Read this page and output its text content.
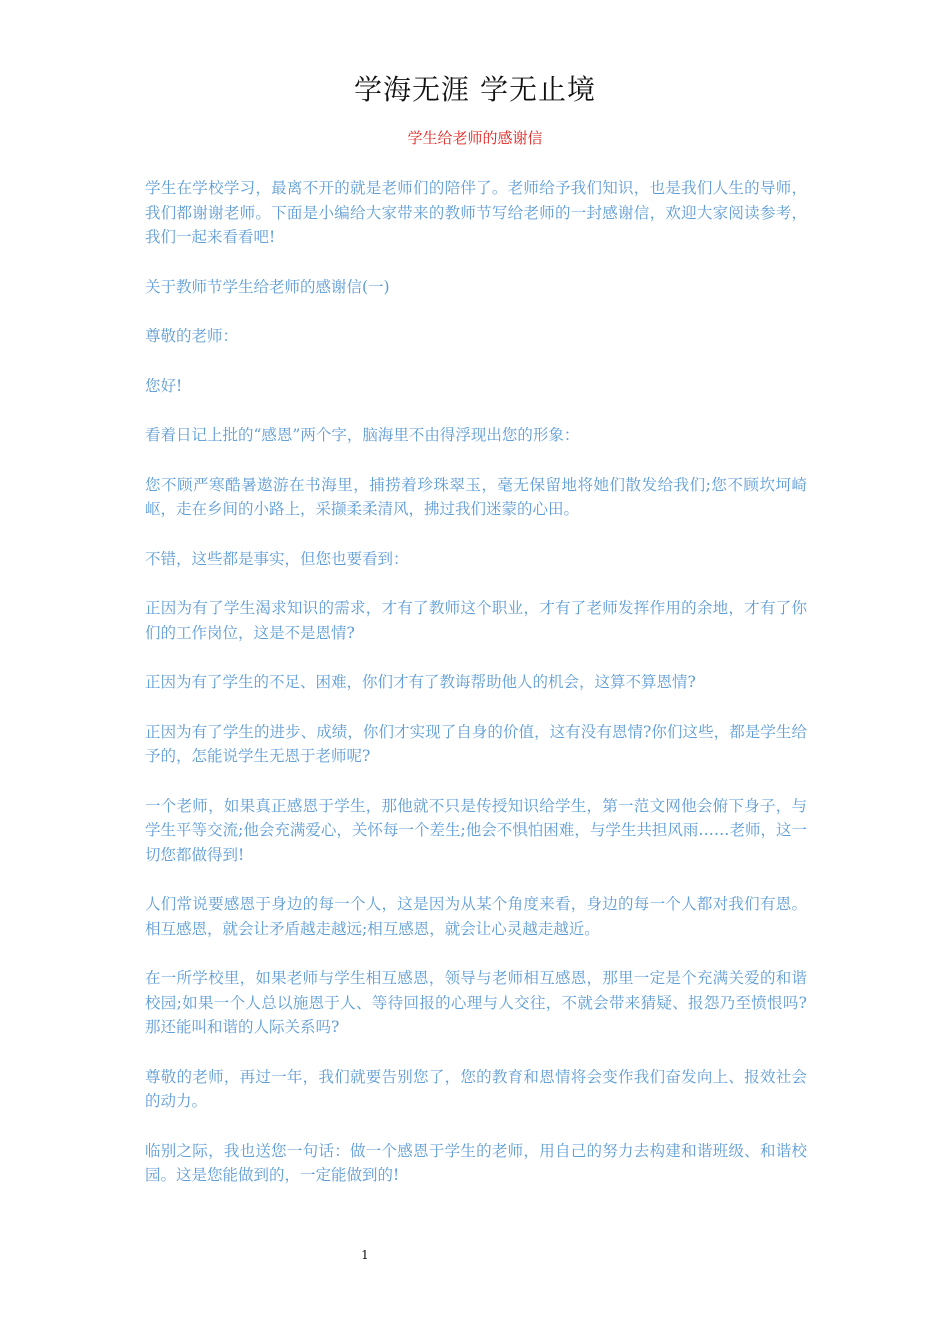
学海无涯 学无止境
学生给老师的感谢信

学生在学校学习，最离不开的就是老师们的陪伴了。老师给予我们知识，也是我们人生的导师，我们都谢谢老师。下面是小编给大家带来的教师节写给老师的一封感谢信，欢迎大家阅读参考，我们一起来看看吧!

关于教师节学生给老师的感谢信(一)

尊敬的老师：

您好!

看着日记上批的“感恩”两个字，脑海里不由得浮现出您的形象：

您不顾严寒酷暑遨游在书海里，捕捞着珍珠翠玉，毫无保留地将她们散发给我们;您不顾坎坷崎岖，走在乡间的小路上，采撷柔柔清风，拂过我们迷蒙的心田。

不错，这些都是事实，但您也要看到：

正因为有了学生渴求知识的需求，才有了教师这个职业，才有了老师发挥作用的余地，才有了你们的工作岗位，这是不是恩情?

正因为有了学生的不足、困难，你们才有了教诲帮助他人的机会，这算不算恩情?

正因为有了学生的进步、成绩，你们才实现了自身的价值，这有没有恩情?你们这些，都是学生给予的，怎能说学生无恩于老师呢?

一个老师，如果真正感恩于学生，那他就不只是传授知识给学生，第一范文网他会俯下身子，与学生平等交流;他会充满爱心，关怀每一个差生;他会不惧怕困难，与学生共担风雨……老师，这一切您都做得到!

人们常说要感恩于身边的每一个人，这是因为从某个角度来看，身边的每一个人都对我们有恩。相互感恩，就会让矛盾越走越远;相互感恩，就会让心灵越走越近。

在一所学校里，如果老师与学生相互感恩，领导与老师相互感恩，那里一定是个充满关爱的和谐校园;如果一个人总以施恩于人、等待回报的心理与人交往，不就会带来猜疑、报怨乃至愤恨吗?那还能叫和谐的人际关系吗?

尊敬的老师，再过一年，我们就要告别您了，您的教育和恩情将会变作我们奋发向上、报效社会的动力。

临别之际，我也送您一句话：做一个感恩于学生的老师，用自己的努力去构建和谐班级、和谐校园。这是您能做到的，一定能做到的!

1
